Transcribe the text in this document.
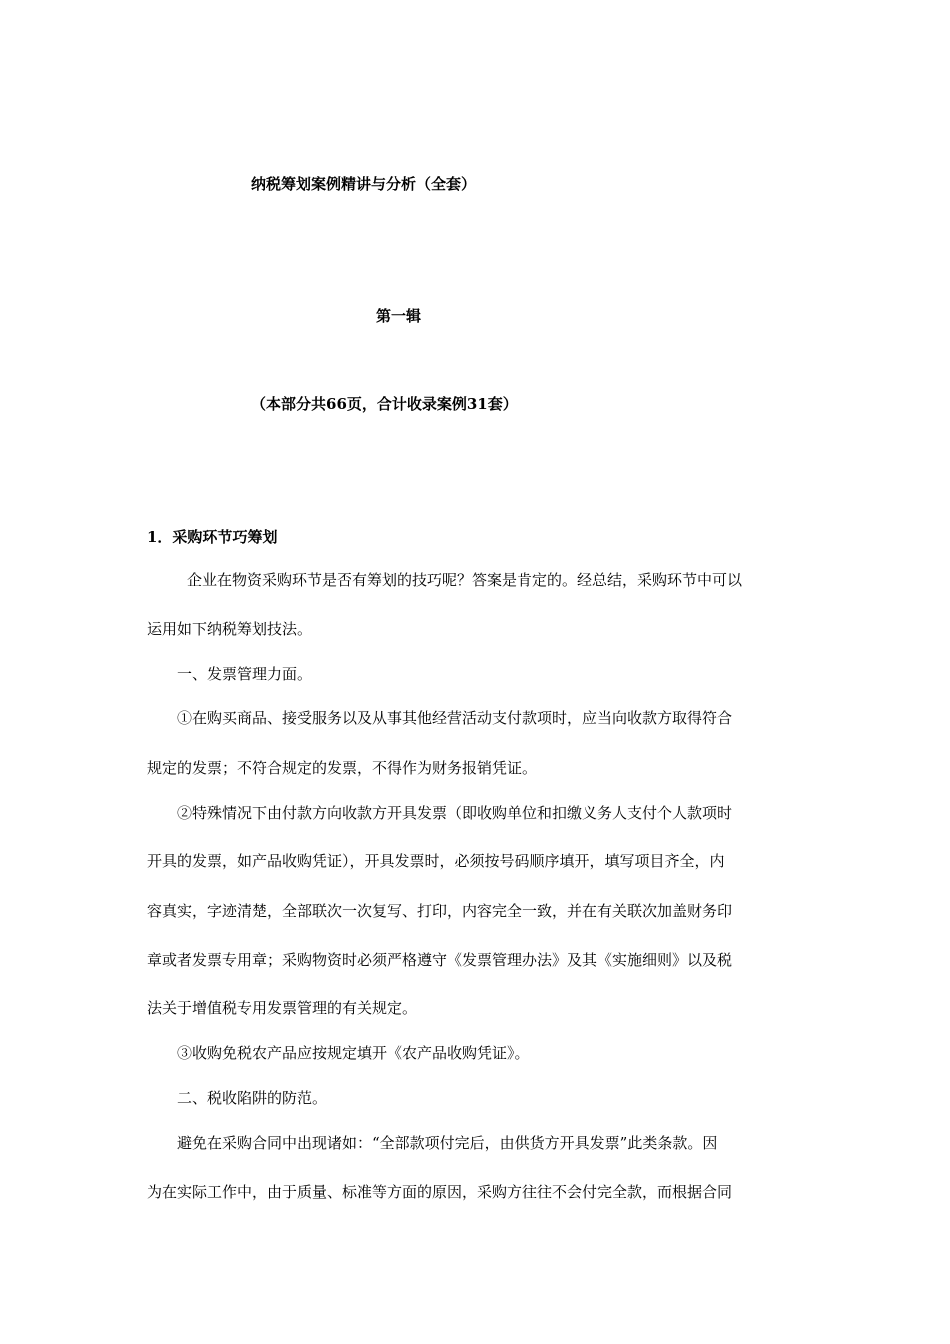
纳税筹划案例精讲与分析（全套）
第一辑
（本部分共66页，合计收录案例31套）
1．采购环节巧筹划
企业在物资采购环节是否有筹划的技巧呢？答案是肯定的。经总结，采购环节中可以
运用如下纳税筹划技法。
一、发票管理力面。
①在购买商品、接受服务以及从事其他经营活动支付款项时，应当向收款方取得符合
规定的发票；不符合规定的发票，不得作为财务报销凭证。
②特殊情况下由付款方向收款方开具发票（即收购单位和扣缴义务人支付个人款项时
开具的发票，如产品收购凭证），开具发票时，必须按号码顺序填开，填写项目齐全，内
容真实，字迹清楚，全部联次一次复写、打印，内容完全一致，并在有关联次加盖财务印
章或者发票专用章；采购物资时必须严格遵守《发票管理办法》及其《实施细则》以及税
法关于增值税专用发票管理的有关规定。
③收购免税农产品应按规定填开《农产品收购凭证》。
二、税收陷阱的防范。
避免在采购合同中出现诸如：“全部款项付完后，由供货方开具发票”此类条款。因
为在实际工作中，由于质量、标准等方面的原因，采购方往往不会付完全款，而根据合同
